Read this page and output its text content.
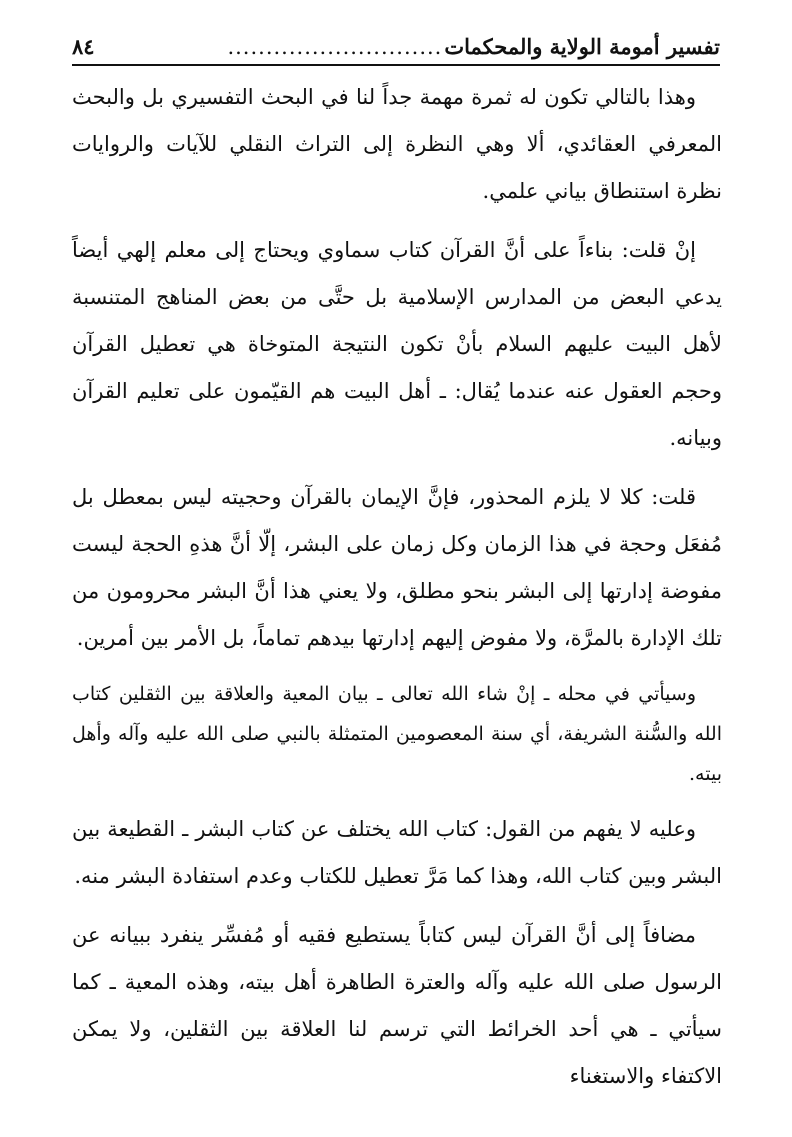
تفسير أمومة الولاية والمحكمات
............................
٨٤

وهذا بالتالي تكون له ثمرة مهمة جداً لنا في البحث التفسيري بل والبحث المعرفي العقائدي، ألا وهي النظرة إلى التراث النقلي للآيات والروايات نظرة استنطاق بياني علمي.

إنْ قلت: بناءاً على أنَّ القرآن كتاب سماوي ويحتاج إلى معلم إلهي أيضاً يدعي البعض من المدارس الإسلامية بل حتَّى من بعض المناهج المتنسبة لأهل البيت عليهم السلام بأنْ تكون النتيجة المتوخاة هي تعطيل القرآن وحجم العقول عنه عندما يُقال: ـ أهل البيت هم القيّمون على تعليم القرآن وبيانه.

قلت: كلا لا يلزم المحذور، فإنَّ الإيمان بالقرآن وحجيته ليس بمعطل بل مُفعَل وحجة في هذا الزمان وكل زمان على البشر، إلّا أنَّ هذهِ الحجة ليست مفوضة إدارتها إلى البشر بنحو مطلق، ولا يعني هذا أنَّ البشر محرومون من تلك الإدارة بالمرَّة، ولا مفوض إليهم إدارتها بيدهم تماماً، بل الأمر بين أمرين.

وسيأتي في محله ـ إنْ شاء الله تعالى ـ بيان المعية والعلاقة بين الثقلين كتاب الله والسُّنة الشريفة، أي سنة المعصومين المتمثلة بالنبي صلى الله عليه وآله وأهل بيته.

وعليه لا يفهم من القول: كتاب الله يختلف عن كتاب البشر ـ القطيعة بين البشر وبين كتاب الله، وهذا كما مَرَّ تعطيل للكتاب وعدم استفادة البشر منه.

مضافاً إلى أنَّ القرآن ليس كتاباً يستطيع فقيه أو مُفسِّر ينفرد ببيانه عن الرسول صلى الله عليه وآله والعترة الطاهرة أهل بيته، وهذه المعية ـ كما سيأتي ـ هي أحد الخرائط التي ترسم لنا العلاقة بين الثقلين، ولا يمكن الاكتفاء والاستغناء
